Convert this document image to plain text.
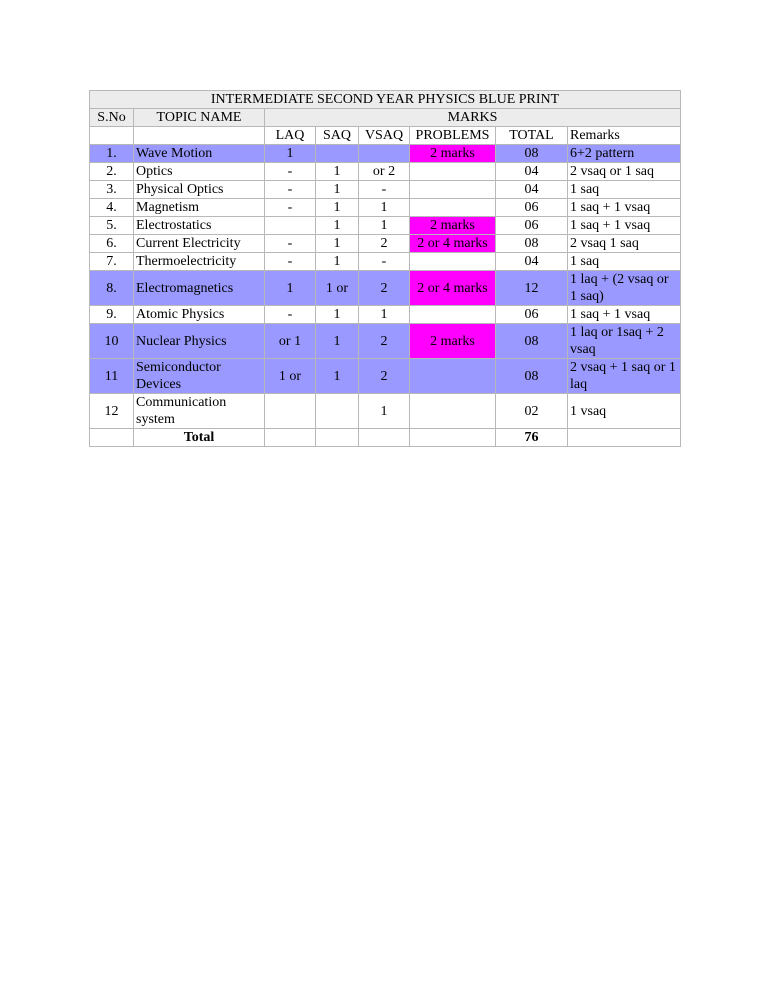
INTERMEDIATE SECOND YEAR PHYSICS BLUE PRINT							
S.No	TOPIC NAME	MARKS					
		LAQ	SAQ	VSAQ	PROBLEMS	TOTAL	Remarks
1.	Wave Motion	1			2 marks	08	6+2 pattern
2.	Optics	-	1	or 2		04	2 vsaq or 1 saq
3.	Physical Optics	-	1	-		04	1 saq
4.	Magnetism	-	1	1		06	1 saq + 1 vsaq
5.	Electrostatics		1	1	2 marks	06	1 saq + 1 vsaq
6.	Current Electricity	-	1	2	2 or 4 marks	08	2 vsaq 1 saq
7.	Thermoelectricity	-	1	-		04	1 saq
8.	Electromagnetics	1	1 or	2	2 or 4 marks	12	1 laq + (2 vsaq or 1 saq)
9.	Atomic Physics	-	1	1		06	1 saq + 1 vsaq
10	Nuclear Physics	or 1	1	2	2 marks	08	1 laq or 1saq + 2 vsaq
11	Semiconductor Devices	1 or	1	2		08	2 vsaq + 1 saq or 1 laq
12	Communication system			1		02	1 vsaq
	Total					76	
